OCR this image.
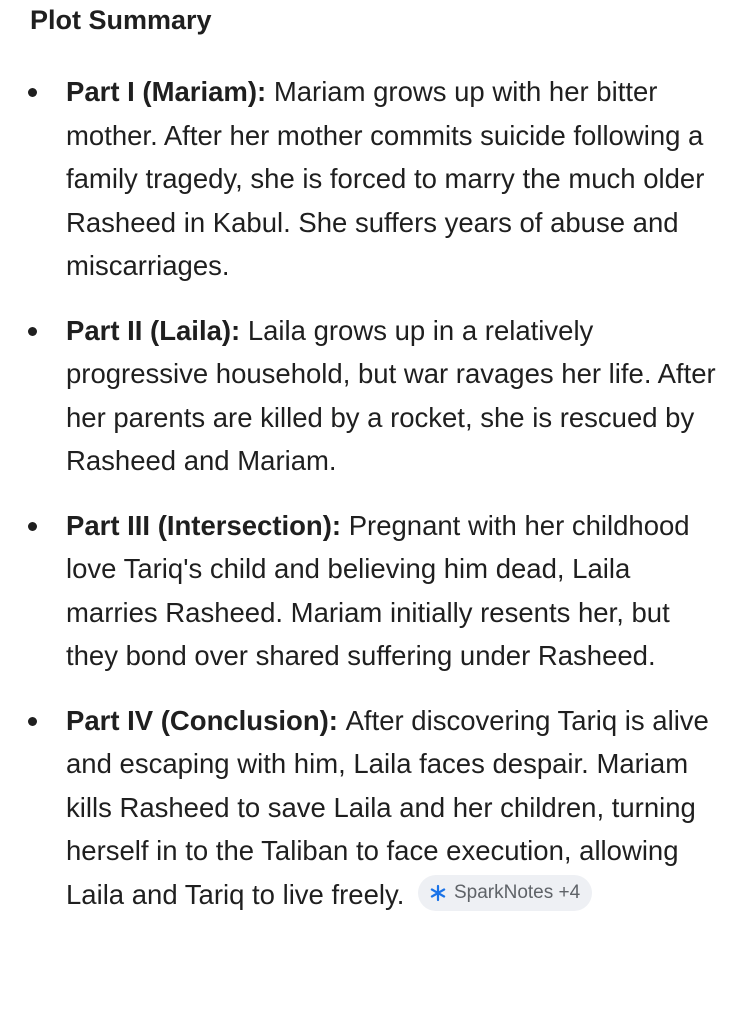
Plot Summary
Part I (Mariam): Mariam grows up with her bitter mother. After her mother commits suicide following a family tragedy, she is forced to marry the much older Rasheed in Kabul. She suffers years of abuse and miscarriages.
Part II (Laila): Laila grows up in a relatively progressive household, but war ravages her life. After her parents are killed by a rocket, she is rescued by Rasheed and Mariam.
Part III (Intersection): Pregnant with her childhood love Tariq's child and believing him dead, Laila marries Rasheed. Mariam initially resents her, but they bond over shared suffering under Rasheed.
Part IV (Conclusion): After discovering Tariq is alive and escaping with him, Laila faces despair. Mariam kills Rasheed to save Laila and her children, turning herself in to the Taliban to face execution, allowing Laila and Tariq to live freely.	SparkNotes +4
